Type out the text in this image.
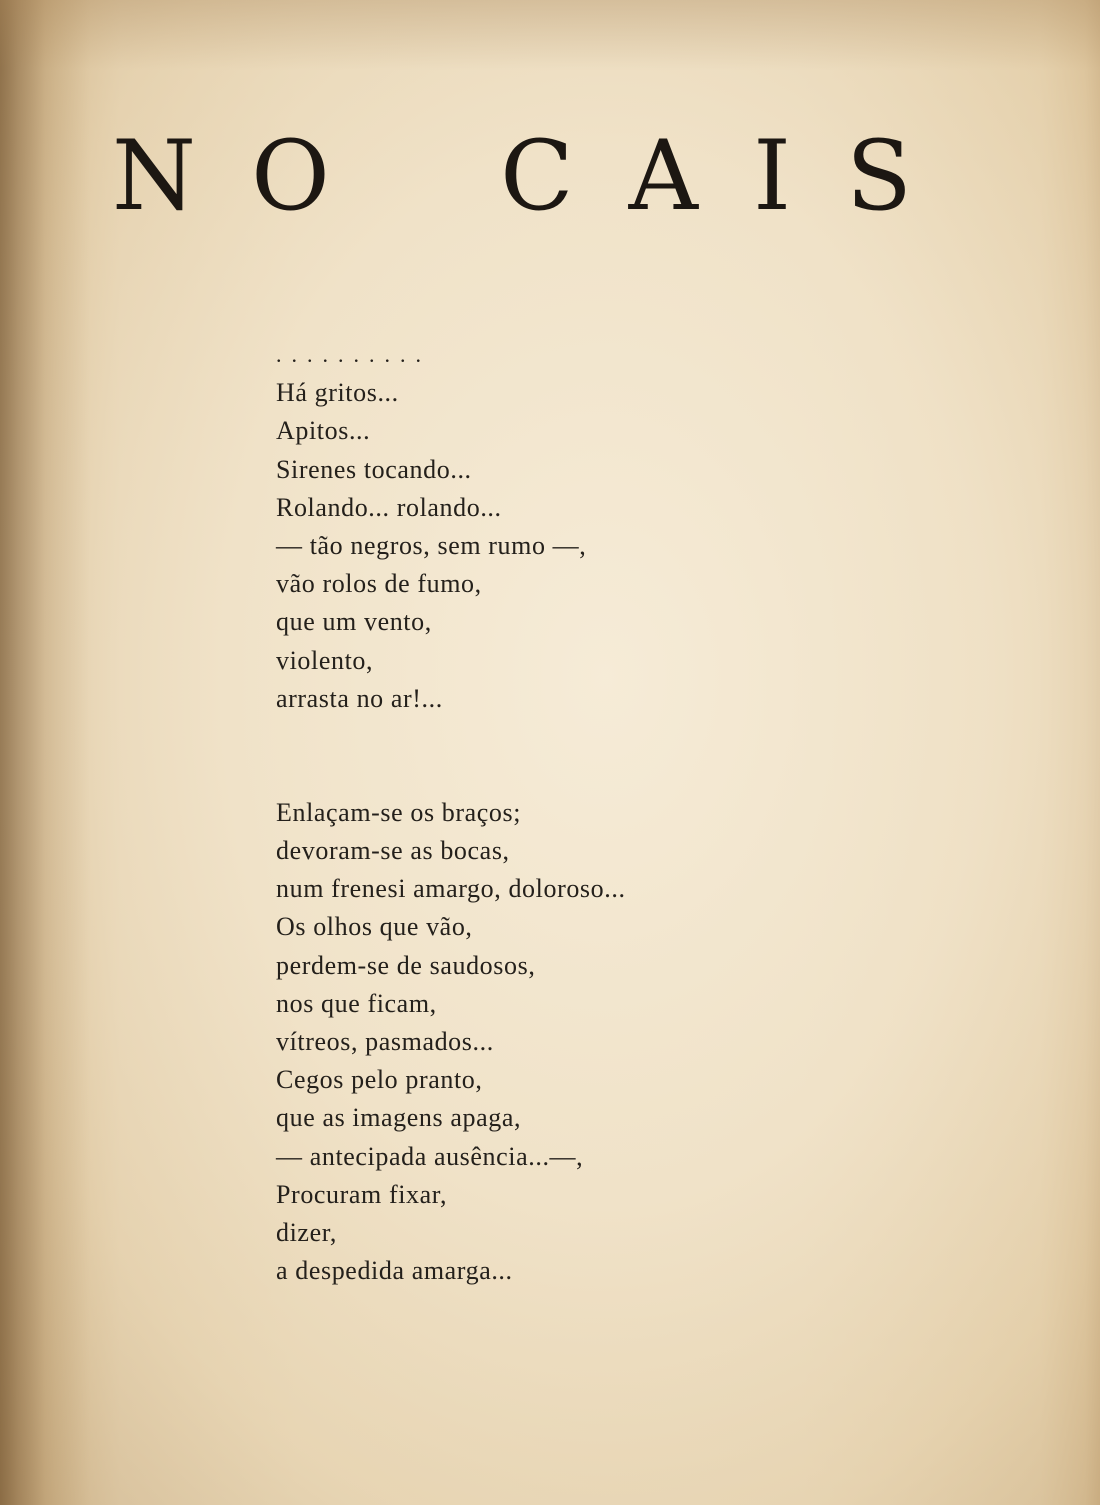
N O C A I S
..........
Há gritos...
Apitos...
Sirenes tocando...
Rolando... rolando...
— tão negros, sem rumo —,
vão rolos de fumo,
que um vento,
violento,
arrasta no ar!...
Enlaçam-se os braços;
devoram-se as bocas,
num frenesi amargo, doloroso...
Os olhos que vão,
perdem-se de saudosos,
nos que ficam,
vítreos, pasmados...
Cegos pelo pranto,
que as imagens apaga,
— antecipada ausência...—,
Procuram fixar,
dizer,
a despedida amarga...
